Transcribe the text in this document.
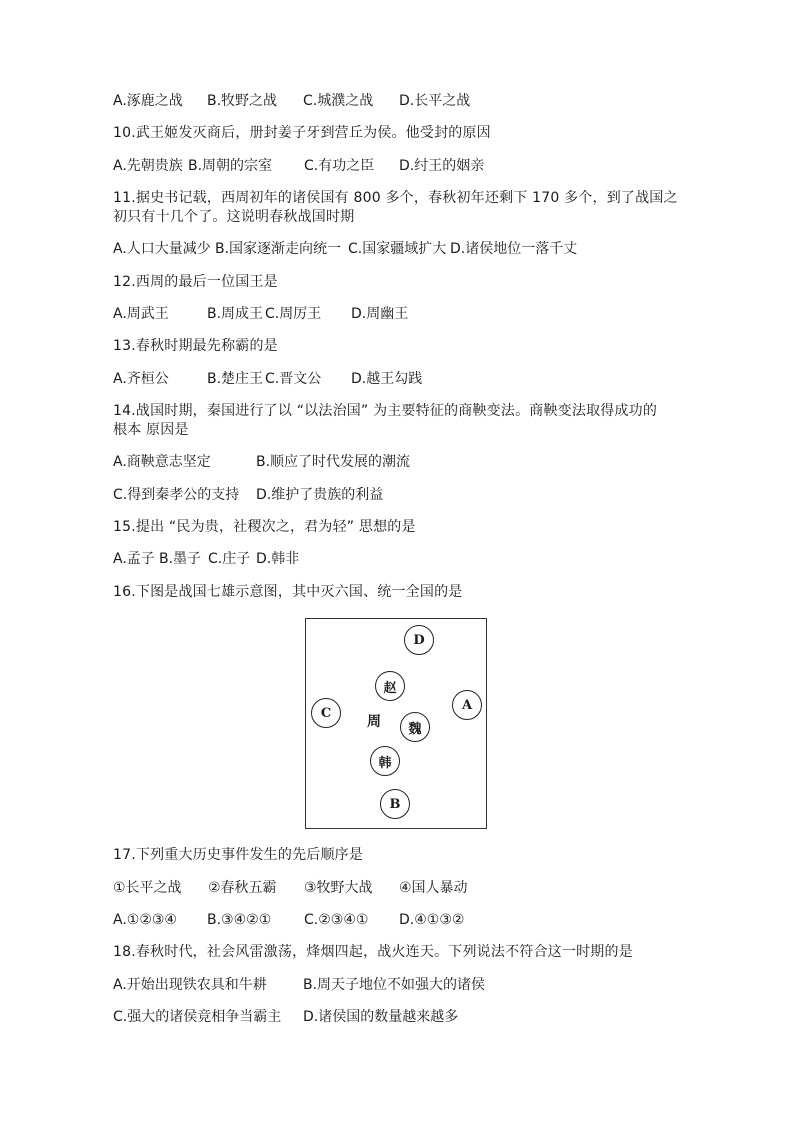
A.涿鹿之战 B.牧野之战 C.城濮之战 D.长平之战
10.武王姬发灭商后，册封姜子牙到营丘为侯。他受封的原因
A.先朝贵族 B.周朝的宗室 C.有功之臣 D.纣王的姻亲
11.据史书记载，西周初年的诸侯国有 800 多个，春秋初年还剩下 170 多个，到了战国之
初只有十几个了。这说明春秋战国时期
A.人口大量减少 B.国家逐渐走向统一 C.国家疆域扩大 D.诸侯地位一落千丈
12.西周的最后一位国王是
A.周武王	B.周成王 C.周厉王 D.周幽王
13.春秋时期最先称霸的是
A.齐桓公	B.楚庄王 C.晋文公 D.越王勾践
14.战国时期，秦国进行了以 “以法治国” 为主要特征的商鞅变法。商鞅变法取得成功的
根本 原因是
A.商鞅意志坚定	B.顺应了时代发展的潮流
C.得到秦孝公的支持 D.维护了贵族的利益
15.提出 “民为贵，社稷次之，君为轻” 思想的是
A.孟子 B.墨子 C.庄子 D.韩非
16.下图是战国七雄示意图，其中灭六国、统一全国的是
D
赵
A
C
周	魏
韩
B
17.下列重大历史事件发生的先后顺序是
①长平之战 ②春秋五霸 ③牧野大战 ④国人暴动
A.①②③④ B.③④②① C.②③④① D.④①③②
18.春秋时代，社会风雷激荡，烽烟四起，战火连天。下列说法不符合这一时期的是
A.开始出现铁农具和牛耕	B.周天子地位不如强大的诸侯
C.强大的诸侯竞相争当霸主 D.诸侯国的数量越来越多
